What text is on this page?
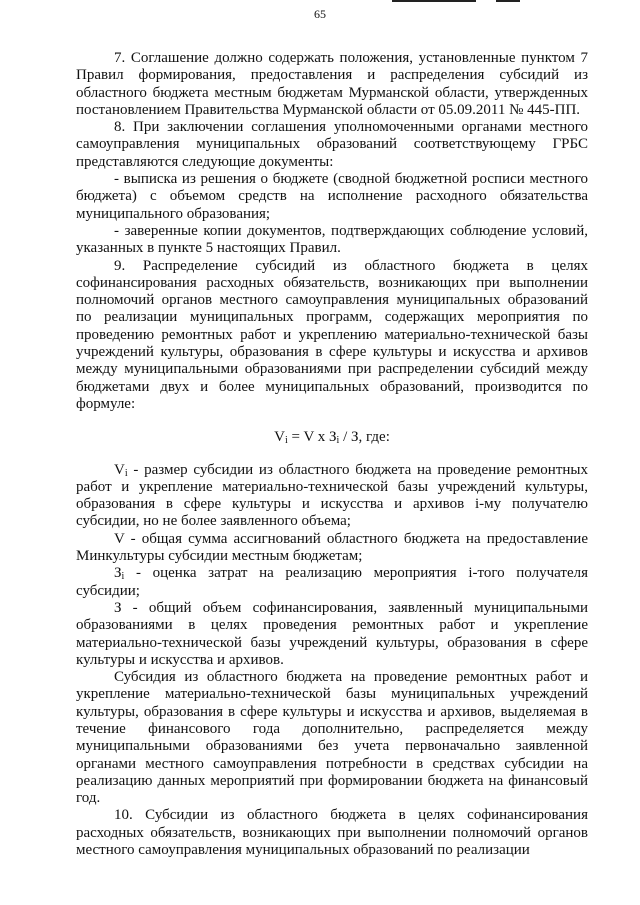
65

7. Соглашение должно содержать положения, установленные пунктом 7 Правил формирования, предоставления и распределения субсидий из областного бюджета местным бюджетам Мурманской области, утвержденных постановлением Правительства Мурманской области от 05.09.2011 № 445-ПП.

8. При заключении соглашения уполномоченными органами местного самоуправления муниципальных образований соответствующему ГРБС представляются следующие документы:

- выписка из решения о бюджете (сводной бюджетной росписи местного бюджета) с объемом средств на исполнение расходного обязательства муниципального образования;

- заверенные копии документов, подтверждающих соблюдение условий, указанных в пункте 5 настоящих Правил.

9. Распределение субсидий из областного бюджета в целях софинансирования расходных обязательств, возникающих при выполнении полномочий органов местного самоуправления муниципальных образований по реализации муниципальных программ, содержащих мероприятия по проведению ремонтных работ и укреплению материально-технической базы учреждений культуры, образования в сфере культуры и искусства и архивов между муниципальными образованиями при распределении субсидий между бюджетами двух и более муниципальных образований, производится по формуле:

$V_i = V$ x $З_i$ / З, где:

$V_i$ - размер субсидии из областного бюджета на проведение ремонтных работ и укрепление материально-технической базы учреждений культуры, образования в сфере культуры и искусства и архивов i-му получателю субсидии, но не более заявленного объема;

V - общая сумма ассигнований областного бюджета на предоставление Минкультуры субсидии местным бюджетам;

$З_i$ - оценка затрат на реализацию мероприятия i-того получателя субсидии;

З - общий объем софинансирования, заявленный муниципальными образованиями в целях проведения ремонтных работ и укрепление материально-технической базы учреждений культуры, образования в сфере культуры и искусства и архивов.

Субсидия из областного бюджета на проведение ремонтных работ и укрепление материально-технической базы муниципальных учреждений культуры, образования в сфере культуры и искусства и архивов, выделяемая в течение финансового года дополнительно, распределяется между муниципальными образованиями без учета первоначально заявленной органами местного самоуправления потребности в средствах субсидии на реализацию данных мероприятий при формировании бюджета на финансовый год.

10. Субсидии из областного бюджета в целях софинансирования расходных обязательств, возникающих при выполнении полномочий органов местного самоуправления муниципальных образований по реализации
